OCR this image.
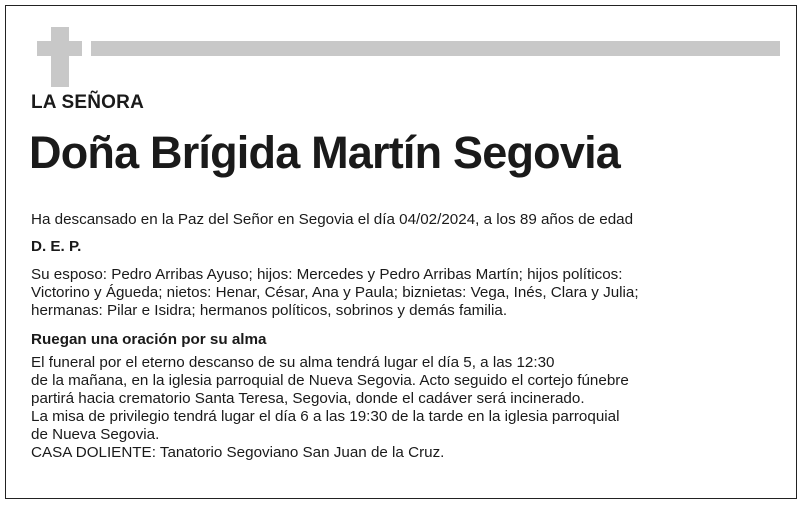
LA SEÑORA
Doña Brígida Martín Segovia
Ha descansado en la Paz del Señor en Segovia el día 04/02/2024, a los 89 años de edad
D. E. P.
Su esposo: Pedro Arribas Ayuso; hijos: Mercedes y Pedro Arribas Martín; hijos políticos:
Victorino y Águeda; nietos: Henar, César, Ana y Paula; biznietas: Vega, Inés, Clara y Julia;
hermanas: Pilar e Isidra; hermanos políticos, sobrinos y demás familia.
Ruegan una oración por su alma
El funeral por el eterno descanso de su alma tendrá lugar el día 5, a las 12:30
de la mañana, en la iglesia parroquial de Nueva Segovia. Acto seguido el cortejo fúnebre
partirá hacia crematorio Santa Teresa, Segovia, donde el cadáver será incinerado.
La misa de privilegio tendrá lugar el día 6 a las 19:30 de la tarde en la iglesia parroquial
de Nueva Segovia.
CASA DOLIENTE: Tanatorio Segoviano San Juan de la Cruz.
